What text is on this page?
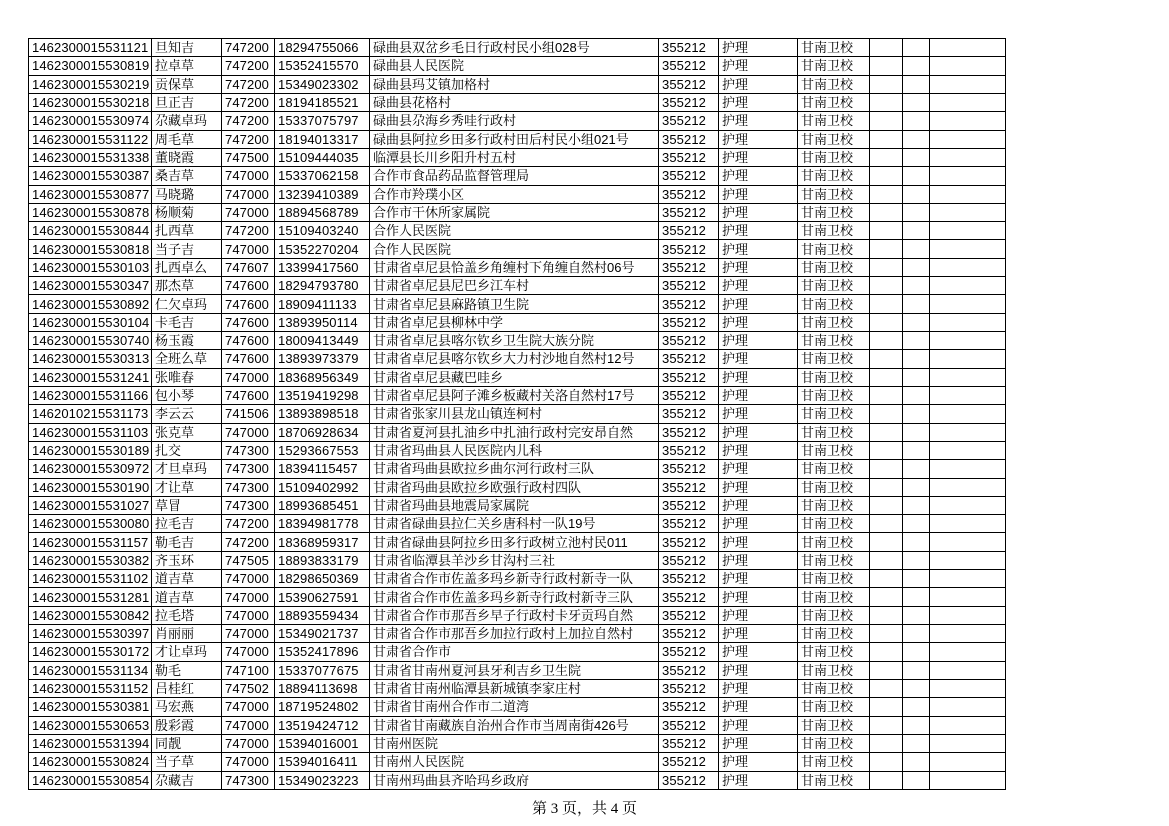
1462300015531121	旦知吉	747200	18294755066	碌曲县双岔乡毛日行政村民小组028号	355212	护理	甘南卫校			
1462300015530819	拉卓草	747200	15352415570	碌曲县人民医院	355212	护理	甘南卫校			
1462300015530219	贡保草	747200	15349023302	碌曲县玛艾镇加格村	355212	护理	甘南卫校			
1462300015530218	旦正吉	747200	18194185521	碌曲县花格村	355212	护理	甘南卫校			
1462300015530974	尕藏卓玛	747200	15337075797	碌曲县尕海乡秀哇行政村	355212	护理	甘南卫校			
1462300015531122	周毛草	747200	18194013317	碌曲县阿拉乡田多行政村田后村民小组021号	355212	护理	甘南卫校			
1462300015531338	董晓霞	747500	15109444035	临潭县长川乡阳升村五村	355212	护理	甘南卫校			
1462300015530387	桑吉草	747000	15337062158	合作市食品药品监督管理局	355212	护理	甘南卫校			
1462300015530877	马晓璐	747000	13239410389	合作市羚璞小区	355212	护理	甘南卫校			
1462300015530878	杨顺菊	747000	18894568789	合作市干休所家属院	355212	护理	甘南卫校			
1462300015530844	扎西草	747200	15109403240	合作人民医院	355212	护理	甘南卫校			
1462300015530818	当子吉	747000	15352270204	合作人民医院	355212	护理	甘南卫校			
1462300015530103	扎西卓么	747607	13399417560	甘肃省卓尼县恰盖乡角缠村下角缠自然村06号	355212	护理	甘南卫校			
1462300015530347	那杰草	747600	18294793780	甘肃省卓尼县尼巴乡江车村	355212	护理	甘南卫校			
1462300015530892	仁欠卓玛	747600	18909411133	甘肃省卓尼县麻路镇卫生院	355212	护理	甘南卫校			
1462300015530104	卡毛吉	747600	13893950114	甘肃省卓尼县柳林中学	355212	护理	甘南卫校			
1462300015530740	杨玉霞	747600	18009413449	甘肃省卓尼县喀尔钦乡卫生院大族分院	355212	护理	甘南卫校			
1462300015530313	全班么草	747600	13893973379	甘肃省卓尼县喀尔钦乡大力村沙地自然村12号	355212	护理	甘南卫校			
1462300015531241	张唯春	747000	18368956349	甘肃省卓尼县藏巴哇乡	355212	护理	甘南卫校			
1462300015531166	包小琴	747600	13519419298	甘肃省卓尼县阿子滩乡板藏村关洛自然村17号	355212	护理	甘南卫校			
1462010215531173	李云云	741506	13893898518	甘肃省张家川县龙山镇连柯村	355212	护理	甘南卫校			
1462300015531103	张克草	747000	18706928634	甘肃省夏河县扎油乡中扎油行政村完安昂自然	355212	护理	甘南卫校			
1462300015530189	扎交	747300	15293667553	甘肃省玛曲县人民医院内儿科	355212	护理	甘南卫校			
1462300015530972	才旦卓玛	747300	18394115457	甘肃省玛曲县欧拉乡曲尔河行政村三队	355212	护理	甘南卫校			
1462300015530190	才让草	747300	15109402992	甘肃省玛曲县欧拉乡欧强行政村四队	355212	护理	甘南卫校			
1462300015531027	草冒	747300	18993685451	甘肃省玛曲县地震局家属院	355212	护理	甘南卫校			
1462300015530080	拉毛吉	747200	18394981778	甘肃省碌曲县拉仁关乡唐科村一队19号	355212	护理	甘南卫校			
1462300015531157	勒毛吉	747200	18368959317	甘肃省碌曲县阿拉乡田多行政树立池村民011	355212	护理	甘南卫校			
1462300015530382	齐玉环	747505	18893833179	甘肃省临潭县羊沙乡甘沟村三社	355212	护理	甘南卫校			
1462300015531102	道吉草	747000	18298650369	甘肃省合作市佐盖多玛乡新寺行政村新寺一队	355212	护理	甘南卫校			
1462300015531281	道吉草	747000	15390627591	甘肃省合作市佐盖多玛乡新寺行政村新寺三队	355212	护理	甘南卫校			
1462300015530842	拉毛塔	747000	18893559434	甘肃省合作市那吾乡早子行政村卡牙贡玛自然	355212	护理	甘南卫校			
1462300015530397	肖丽丽	747000	15349021737	甘肃省合作市那吾乡加拉行政村上加拉自然村	355212	护理	甘南卫校			
1462300015530172	才让卓玛	747000	15352417896	甘肃省合作市	355212	护理	甘南卫校			
1462300015531134	勒毛	747100	15337077675	甘肃省甘南州夏河县牙利吉乡卫生院	355212	护理	甘南卫校			
1462300015531152	吕桂红	747502	18894113698	甘肃省甘南州临潭县新城镇李家庄村	355212	护理	甘南卫校			
1462300015530381	马宏燕	747000	18719524802	甘肃省甘南州合作市二道湾	355212	护理	甘南卫校			
1462300015530653	殷彩霞	747000	13519424712	甘肃省甘南藏族自治州合作市当周南街426号	355212	护理	甘南卫校			
1462300015531394	同靓	747000	15394016001	甘南州医院	355212	护理	甘南卫校			
1462300015530824	当子草	747000	15394016411	甘南州人民医院	355212	护理	甘南卫校			
1462300015530854	尕藏吉	747300	15349023223	甘南州玛曲县齐哈玛乡政府	355212	护理	甘南卫校			
第 3 页，共 4 页
